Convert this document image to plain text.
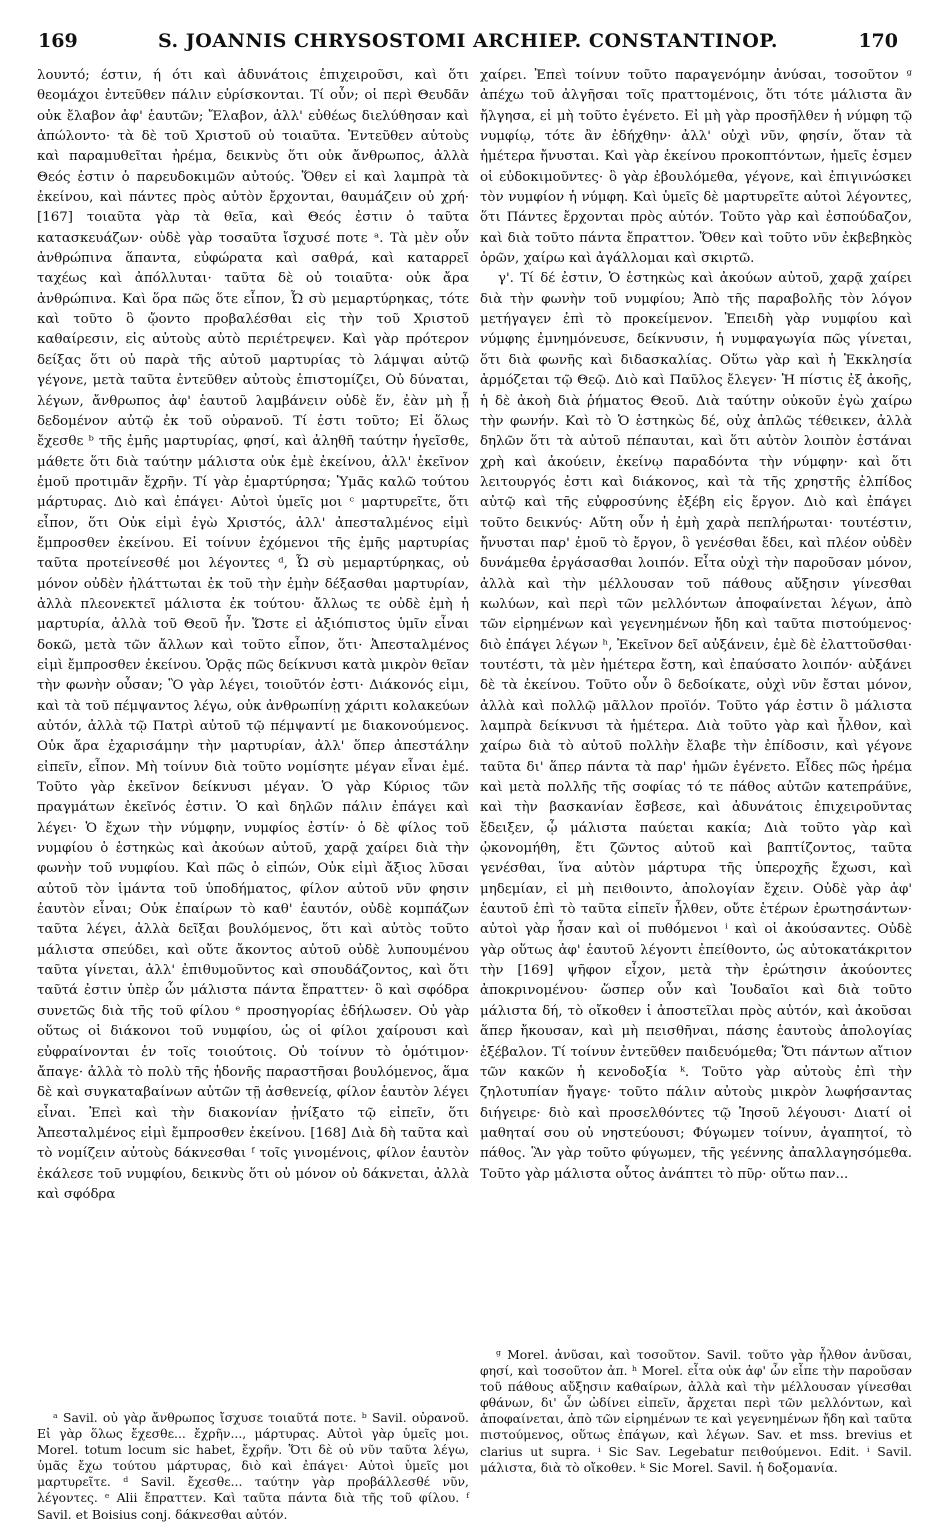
169	S. JOANNIS CHRYSOSTOMI ARCHIEP. CONSTANTINOP.	170

λουντό; έστιν, ή ότι καὶ ἀδυνάτοις ἐπιχειροῦσι, καὶ ὅτι θεομάχοι ἐντεῦθεν πάλιν εὑρίσκονται. Τί οὖν; οἱ περὶ Θευδᾶν οὐκ ἔλαβον ἀφ' ἑαυτῶν; Ἔλαβον, ἀλλ' εὐθέως διελύθησαν καὶ ἀπώλοντο· τὰ δὲ τοῦ Χριστοῦ οὐ τοιαῦτα. Ἐντεῦθεν αὐτοὺς καὶ παραμυθεῖται ἠρέμα, δεικνὺς ὅτι οὐκ ἄνθρωπος, ἀλλὰ Θεός ἐστιν ὁ παρευδοκιμῶν αὐτούς. Ὅθεν εἰ καὶ λαμπρὰ τὰ ἐκείνου, καὶ πάντες πρὸς αὐτὸν ἔρχονται, θαυμάζειν οὐ χρή· [167] τοιαῦτα γὰρ τὰ θεῖα, καὶ Θεός ἐστιν ὁ ταῦτα κατασκευάζων· οὐδὲ γὰρ τοσαῦτα ἴσχυσέ ποτε ᵃ. Τὰ μὲν οὖν ἀνθρώπινα ἅπαντα, εὐφώρατα καὶ σαθρά, καὶ καταρρεῖ ταχέως καὶ ἀπόλλυται· ταῦτα δὲ οὐ τοιαῦτα· οὐκ ἄρα ἀνθρώπινα. Καὶ ὅρα πῶς ὅτε εἶπον, Ὦ σὺ μεμαρτύρηκας, τότε καὶ τοῦτο ὃ ᾤοντο προβαλέσθαι εἰς τὴν τοῦ Χριστοῦ καθαίρεσιν, εἰς αὐτοὺς αὐτὸ περιέτρεψεν. Καὶ γὰρ πρότερον δείξας ὅτι οὐ παρὰ τῆς αὐτοῦ μαρτυρίας τὸ λάμψαι αὐτῷ γέγονε, μετὰ ταῦτα ἐντεῦθεν αὐτοὺς ἐπιστομίζει, Οὐ δύναται, λέγων, ἄνθρωπος ἀφ' ἑαυτοῦ λαμβάνειν οὐδὲ ἕν, ἐὰν μὴ ᾖ δεδομένον αὐτῷ ἐκ τοῦ οὐρανοῦ. Τί ἐστι τοῦτο; Εἰ ὅλως ἔχεσθε ᵇ τῆς ἐμῆς μαρτυρίας, φησί, καὶ ἀληθῆ ταύτην ἡγεῖσθε, μάθετε ὅτι διὰ ταύτην μάλιστα οὐκ ἐμὲ ἐκείνου, ἀλλ' ἐκεῖνον ἐμοῦ προτιμᾶν ἔχρῆν. Τί γὰρ ἐμαρτύρησα; Ὑμᾶς καλῶ τούτου μάρτυρας. Διὸ καὶ ἐπάγει· Αὐτοὶ ὑμεῖς μοι ᶜ μαρτυρεῖτε, ὅτι εἶπον, ὅτι Οὐκ εἰμὶ ἐγὼ Χριστός, ἀλλ' ἀπεσταλμένος εἰμὶ ἔμπροσθεν ἐκείνου. Εἰ τοίνυν ἐχόμενοι τῆς ἐμῆς μαρτυρίας ταῦτα προτείνεσθέ μοι λέγοντες ᵈ, Ὦ σὺ μεμαρτύρηκας, οὐ μόνον οὐδὲν ἠλάττωται ἐκ τοῦ τὴν ἐμὴν δέξασθαι μαρτυρίαν, ἀλλὰ πλεονεκτεῖ μάλιστα ἐκ τούτου· ἄλλως τε οὐδὲ ἐμὴ ἡ μαρτυρία, ἀλλὰ τοῦ Θεοῦ ἦν. Ὥστε εἰ ἀξιόπιστος ὑμῖν εἶναι δοκῶ, μετὰ τῶν ἄλλων καὶ τοῦτο εἶπον, ὅτι· Ἀπεσταλμένος εἰμὶ ἔμπροσθεν ἐκείνου. Ὁρᾷς πῶς δείκνυσι κατὰ μικρὸν θεῖαν τὴν φωνὴν οὖσαν; Ὃ γὰρ λέγει, τοιοῦτόν ἐστι· Διάκονός εἰμι, καὶ τὰ τοῦ πέμψαντος λέγω, οὐκ ἀνθρωπίνῃ χάριτι κολακεύων αὐτόν, ἀλλὰ τῷ Πατρὶ αὐτοῦ τῷ πέμψαντί με διακονούμενος. Οὐκ ἄρα ἐχαρισάμην τὴν μαρτυρίαν, ἀλλ' ὅπερ ἀπεστάλην εἰπεῖν, εἶπον. Μὴ τοίνυν διὰ τοῦτο νομίσητε μέγαν εἶναι ἐμέ. Τοῦτο γὰρ ἐκεῖνον δείκνυσι μέγαν. Ὁ γὰρ Κύριος τῶν πραγμάτων ἐκεῖνός ἐστιν. Ὁ καὶ δηλῶν πάλιν ἐπάγει καὶ λέγει· Ὁ ἔχων τὴν νύμφην, νυμφίος ἐστίν· ὁ δὲ φίλος τοῦ νυμφίου ὁ ἑστηκὼς καὶ ἀκούων αὐτοῦ, χαρᾷ χαίρει διὰ τὴν φωνὴν τοῦ νυμφίου. Καὶ πῶς ὁ εἰπών, Οὐκ εἰμὶ ἄξιος λῦσαι αὐτοῦ τὸν ἱμάντα τοῦ ὑποδήματος, φίλον αὐτοῦ νῦν φησιν ἑαυτὸν εἶναι; Οὐκ ἐπαίρων τὸ καθ' ἑαυτόν, οὐδὲ κομπάζων ταῦτα λέγει, ἀλλὰ δεῖξαι βουλόμενος, ὅτι καὶ αὐτὸς τοῦτο μάλιστα σπεύδει, καὶ οὔτε ἄκοντος αὐτοῦ οὐδὲ λυπουμένου ταῦτα γίνεται, ἀλλ' ἐπιθυμοῦντος καὶ σπουδάζοντος, καὶ ὅτι ταῦτά ἐστιν ὑπὲρ ὧν μάλιστα πάντα ἔπραττεν· ὃ καὶ σφόδρα συνετῶς διὰ τῆς τοῦ φίλου ᵉ προσηγορίας ἐδήλωσεν. Οὐ γὰρ οὕτως οἱ διάκονοι τοῦ νυμφίου, ὡς οἱ φίλοι χαίρουσι καὶ εὐφραίνονται ἐν τοῖς τοιούτοις. Οὐ τοίνυν τὸ ὁμότιμον· ἄπαγε· ἀλλὰ τὸ πολὺ τῆς ἡδονῆς παραστῆσαι βουλόμενος, ἅμα δὲ καὶ συγκαταβαίνων αὐτῶν τῇ ἀσθενείᾳ, φίλον ἑαυτὸν λέγει εἶναι. Ἐπεὶ καὶ τὴν διακονίαν ᾐνίξατο τῷ εἰπεῖν, ὅτι Ἀπεσταλμένος εἰμὶ ἔμπροσθεν ἐκείνου. [168] Διὰ δὴ ταῦτα καὶ τὸ νομίζειν αὐτοὺς δάκνεσθαι ᶠ τοῖς γινομένοις, φίλον ἑαυτὸν ἐκάλεσε τοῦ νυμφίου, δεικνὺς ὅτι οὐ μόνον οὐ δάκνεται, ἀλλὰ καὶ σφόδρα

χαίρει. Ἐπεὶ τοίνυν τοῦτο παραγενόμην ἀνύσαι, τοσοῦτον ᵍ ἀπέχω τοῦ ἀλγῆσαι τοῖς πραττομένοις, ὅτι τότε μάλιστα ἂν ἤλγησα, εἰ μὴ τοῦτο ἐγένετο. Εἰ μὴ γὰρ προσῆλθεν ἡ νύμφη τῷ νυμφίῳ, τότε ἂν ἐδήχθην· ἀλλ' οὐχὶ νῦν, φησίν, ὅταν τὰ ἡμέτερα ἤνυσται. Καὶ γὰρ ἐκείνου προκοπτόντων, ἡμεῖς ἐσμεν οἱ εὐδοκιμοῦντες· ὃ γὰρ ἐβουλόμεθα, γέγονε, καὶ ἐπιγινώσκει τὸν νυμφίον ἡ νύμφη. Καὶ ὑμεῖς δὲ μαρτυρεῖτε αὐτοὶ λέγοντες, ὅτι Πάντες ἔρχονται πρὸς αὐτόν. Τοῦτο γὰρ καὶ ἐσπούδαζον, καὶ διὰ τοῦτο πάντα ἔπραττον. Ὅθεν καὶ τοῦτο νῦν ἐκβεβηκὸς ὁρῶν, χαίρω καὶ ἀγάλλομαι καὶ σκιρτῶ.

γ'. Τί δέ ἐστιν, Ὁ ἑστηκὼς καὶ ἀκούων αὐτοῦ, χαρᾷ χαίρει διὰ τὴν φωνὴν τοῦ νυμφίου; Ἀπὸ τῆς παραβολῆς τὸν λόγον μετήγαγεν ἐπὶ τὸ προκείμενον. Ἐπειδὴ γὰρ νυμφίου καὶ νύμφης ἐμνημόνευσε, δείκνυσιν, ἡ νυμφαγωγία πῶς γίνεται, ὅτι διὰ φωνῆς καὶ διδασκαλίας. Οὕτω γὰρ καὶ ἡ Ἐκκλησία ἁρμόζεται τῷ Θεῷ. Διὸ καὶ Παῦλος ἔλεγεν· Ἡ πίστις ἐξ ἀκοῆς, ἡ δὲ ἀκοὴ διὰ ῥήματος Θεοῦ. Διὰ ταύτην οὐκοῦν ἐγὼ χαίρω τὴν φωνήν. Καὶ τὸ Ὁ ἑστηκὼς δέ, οὐχ ἁπλῶς τέθεικεν, ἀλλὰ δηλῶν ὅτι τὰ αὐτοῦ πέπαυται, καὶ ὅτι αὐτὸν λοιπὸν ἑστάναι χρὴ καὶ ἀκούειν, ἐκείνῳ παραδόντα τὴν νύμφην· καὶ ὅτι λειτουργός ἐστι καὶ διάκονος, καὶ τὰ τῆς χρηστῆς ἐλπίδος αὐτῷ καὶ τῆς εὐφροσύνης ἐξέβη εἰς ἔργον. Διὸ καὶ ἐπάγει τοῦτο δεικνύς· Αὕτη οὖν ἡ ἐμὴ χαρὰ πεπλήρωται· τουτέστιν, ἤνυσται παρ' ἐμοῦ τὸ ἔργον, ὃ γενέσθαι ἔδει, καὶ πλέον οὐδὲν δυνάμεθα ἐργάσασθαι λοιπόν. Εἶτα οὐχὶ τὴν παροῦσαν μόνον, ἀλλὰ καὶ τὴν μέλλουσαν τοῦ πάθους αὔξησιν γίνεσθαι κωλύων, καὶ περὶ τῶν μελλόντων ἀποφαίνεται λέγων, ἀπὸ τῶν εἰρημένων καὶ γεγενημένων ἤδη καὶ ταῦτα πιστούμενος· διὸ ἐπάγει λέγων ʰ, Ἐκεῖνον δεῖ αὐξάνειν, ἐμὲ δὲ ἐλαττοῦσθαι· τουτέστι, τὰ μὲν ἡμέτερα ἔστη, καὶ ἐπαύσατο λοιπόν· αὐξάνει δὲ τὰ ἐκείνου. Τοῦτο οὖν ὃ δεδοίκατε, οὐχὶ νῦν ἔσται μόνον, ἀλλὰ καὶ πολλῷ μᾶλλον προϊόν. Τοῦτο γάρ ἐστιν ὃ μάλιστα λαμπρὰ δείκνυσι τὰ ἡμέτερα. Διὰ τοῦτο γὰρ καὶ ἦλθον, καὶ χαίρω διὰ τὸ αὐτοῦ πολλὴν ἔλαβε τὴν ἐπίδοσιν, καὶ γέγονε ταῦτα δι' ἅπερ πάντα τὰ παρ' ἡμῶν ἐγένετο. Εἶδες πῶς ἠρέμα καὶ μετὰ πολλῆς τῆς σοφίας τό τε πάθος αὐτῶν κατεπράϋνε, καὶ τὴν βασκανίαν ἔσβεσε, καὶ ἀδυνάτοις ἐπιχειροῦντας ἔδειξεν, ᾧ μάλιστα παύεται κακία; Διὰ τοῦτο γὰρ καὶ ᾠκονομήθη, ἔτι ζῶντος αὐτοῦ καὶ βαπτίζοντος, ταῦτα γενέσθαι, ἵνα αὐτὸν μάρτυρα τῆς ὑπεροχῆς ἔχωσι, καὶ μηδεμίαν, εἰ μὴ πειθοιντο, ἀπολογίαν ἔχειν. Οὐδὲ γὰρ ἀφ' ἑαυτοῦ ἐπὶ τὸ ταῦτα εἰπεῖν ἦλθεν, οὔτε ἑτέρων ἐρωτησάντων· αὐτοὶ γὰρ ἦσαν καὶ οἱ πυθόμενοι ⁱ καὶ οἱ ἀκούσαντες. Οὐδὲ γὰρ οὕτως ἀφ' ἑαυτοῦ λέγοντι ἐπείθοντο, ὡς αὐτοκατάκριτον τὴν [169] ψῆφον εἶχον, μετὰ τὴν ἐρώτησιν ἀκούοντες ἀποκρινομένου· ὥσπερ οὖν καὶ Ἰουδαῖοι καὶ διὰ τοῦτο μάλιστα δή, τὸ οἴκοθεν ἱ ἀποστεῖλαι πρὸς αὐτόν, καὶ ἀκοῦσαι ἅπερ ἤκουσαν, καὶ μὴ πεισθῆναι, πάσης ἑαυτοὺς ἀπολογίας ἐξέβαλον. Τί τοίνυν ἐντεῦθεν παιδευόμεθα; Ὅτι πάντων αἴτιον τῶν κακῶν ἡ κενοδοξία ᵏ. Τοῦτο γὰρ αὐτοὺς ἐπὶ τὴν ζηλοτυπίαν ἤγαγε· τοῦτο πάλιν αὐτοὺς μικρὸν λωφήσαντας διήγειρε· διὸ καὶ προσελθόντες τῷ Ἰησοῦ λέγουσι· Διατί οἱ μαθηταί σου οὐ νηστεύουσι; Φύγωμεν τοίνυν, ἀγαπητοί, τὸ πάθος. Ἂν γὰρ τοῦτο φύγωμεν, τῆς γεέννης ἀπαλλαγησόμεθα. Τοῦτο γὰρ μάλιστα οὗτος ἀνάπτει τὸ πῦρ· οὕτω παν...

ᵃ Savil. οὐ γὰρ ἄνθρωπος ἴσχυσε τοιαῦτά ποτε. ᵇ Savil. οὐρανοῦ. Εἰ γὰρ ὅλως ἔχεσθε... ἔχρῆν..., μάρτυρας. Αὐτοὶ γὰρ ὑμεῖς μοι. Morel. totum locum sic habet, ἔχρῆν. Ὅτι δὲ οὐ νῦν ταῦτα λέγω, ὑμᾶς ἔχω τούτου μάρτυρας, διὸ καὶ ἐπάγει· Αὐτοὶ ὑμεῖς μοι μαρτυρεῖτε. ᵈ Savil. ἔχεσθε... ταύτην γὰρ προβάλλεσθέ νῦν, λέγοντες. ᵉ Alii ἔπραττεν. Καὶ ταῦτα πάντα διὰ τῆς τοῦ φίλου. ᶠ Savil. et Boisius conj. δάκνεσθαι αὐτόν.

ᵍ Morel. ἀνῦσαι, καὶ τοσοῦτον. Savil. τοῦτο γὰρ ἦλθον ἀνῦσαι, φησί, καὶ τοσοῦτον ἀπ. ʰ Morel. εἶτα οὐκ ἀφ' ὧν εἶπε τὴν παροῦσαν τοῦ πάθους αὔξησιν καθαίρων, ἀλλὰ καὶ τὴν μέλλουσαν γίνεσθαι φθάνων, δι' ὧν ὠδίνει εἰπεῖν, ἄρχεται περὶ τῶν μελλόντων, καὶ ἀποφαίνεται, ἀπὸ τῶν εἰρημένων τε καὶ γεγενημένων ἤδη καὶ ταῦτα πιστούμενος, οὕτως ἐπάγων, καὶ λέγων. Sav. et mss. brevius et clarius ut supra. ⁱ Sic Sav. Legebatur πειθούμενοι. Edit. ⁱ Savil. μάλιστα, διὰ τὸ οἴκοθεν. ᵏ Sic Morel. Savil. ἡ δοξομανία.
